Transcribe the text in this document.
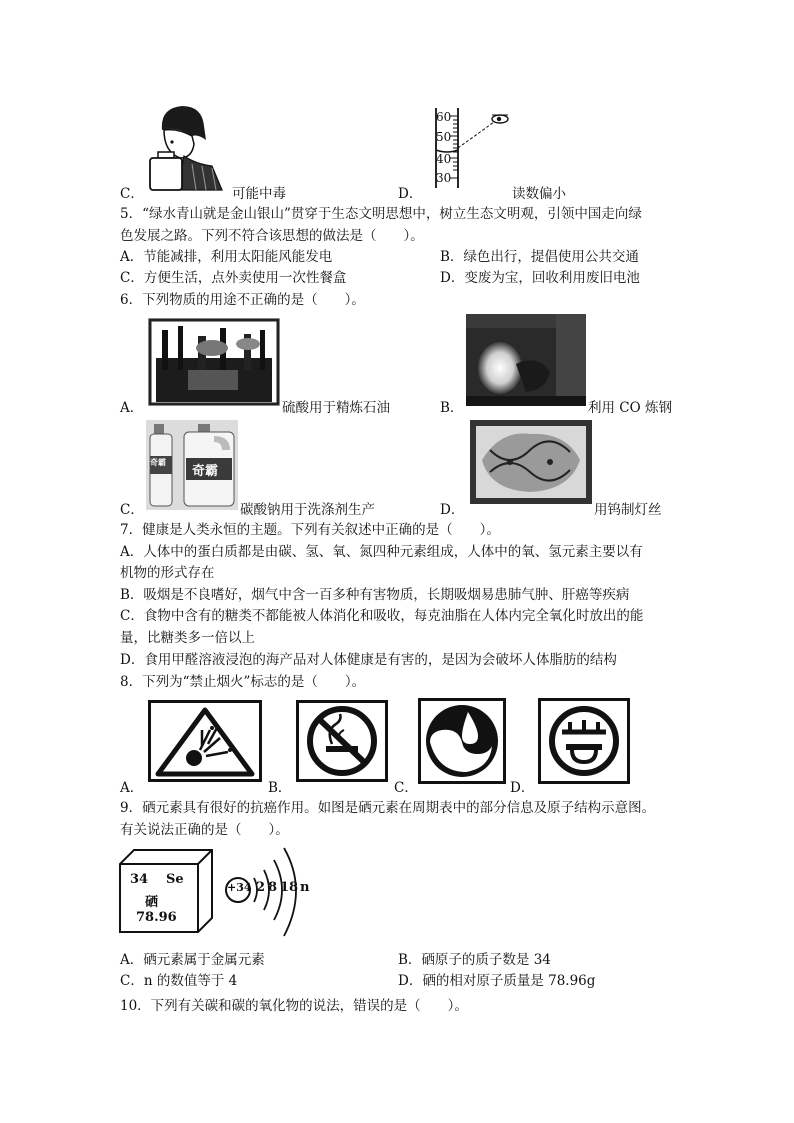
C．	可能中毒
60
50
40
30
D．	读数偏小
5．“绿水青山就是金山银山”贯穿于生态文明思想中，树立生态文明观，引领中国走向绿
色发展之路。下列不符合该思想的做法是（　　）。
A．节能减排，利用太阳能风能发电	B．绿色出行，提倡使用公共交通
C．方便生活，点外卖使用一次性餐盒	D．变废为宝，回收利用废旧电池
6．下列物质的用途不正确的是（　　）。
A．	硫酸用于精炼石油	B．	利用 CO 炼钢
奇霸
奇霸
C．	碳酸钠用于洗涤剂生产	D．	用钨制灯丝
7．健康是人类永恒的主题。下列有关叙述中正确的是（　　）。
A．人体中的蛋白质都是由碳、氢、氧、氮四种元素组成，人体中的氧、氢元素主要以有
机物的形式存在
B．吸烟是不良嗜好，烟气中含一百多种有害物质，长期吸烟易患肺气肿、肝癌等疾病
C．食物中含有的糖类不都能被人体消化和吸收，每克油脂在人体内完全氧化时放出的能
量，比糖类多一倍以上
D．食用甲醛溶液浸泡的海产品对人体健康是有害的，是因为会破坏人体脂肪的结构
8．下列为“禁止烟火”标志的是（　　）。
A．	B．	C．	D．
9．硒元素具有很好的抗癌作用。如图是硒元素在周期表中的部分信息及原子结构示意图。
有关说法正确的是（　　）。
34 Se
硒
78.96
+34 2 8 18 n
A．硒元素属于金属元素	B．硒原子的质子数是 34
C．n 的数值等于 4	D．硒的相对原子质量是 78.96g
10．下列有关碳和碳的氧化物的说法，错误的是（　　）。
